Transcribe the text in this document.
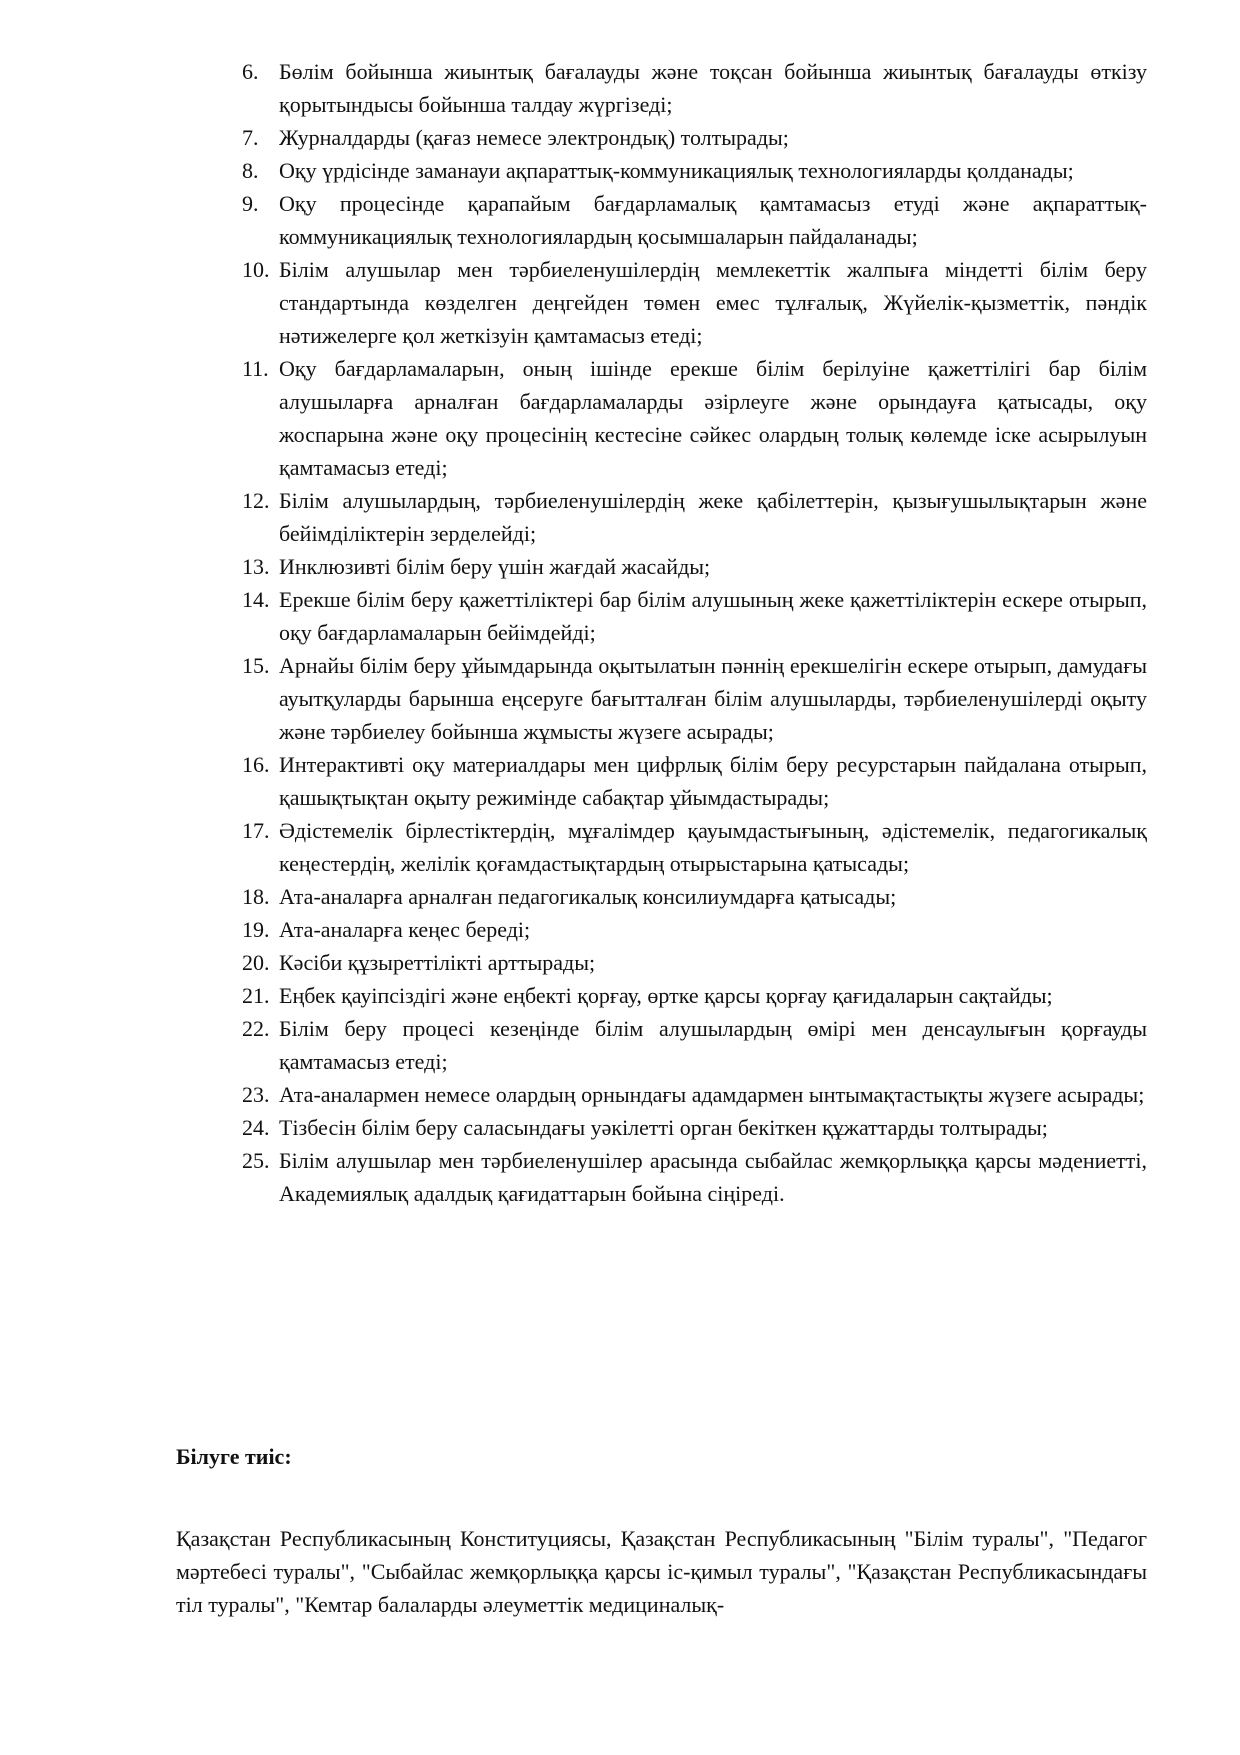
6. Бөлім бойынша жиынтық бағалауды және тоқсан бойынша жиынтық бағалауды өткізу қорытындысы бойынша талдау жүргізеді;
7. Журналдарды (қағаз немесе электрондық) толтырады;
8. Оқу үрдісінде заманауи ақпараттық-коммуникациялық технологияларды қолданады;
9. Оқу процесінде қарапайым бағдарламалық қамтамасыз етуді және ақпараттық-коммуникациялық технологиялардың қосымшаларын пайдаланады;
10. Білім алушылар мен тәрбиеленушілердің мемлекеттік жалпыға міндетті білім беру стандартында көзделген деңгейден төмен емес тұлғалық, Жүйелік-қызметтік, пәндік нәтижелерге қол жеткізуін қамтамасыз етеді;
11. Оқу бағдарламаларын, оның ішінде ерекше білім берілуіне қажеттілігі бар білім алушыларға арналған бағдарламаларды әзірлеуге және орындауға қатысады, оқу жоспарына және оқу процесінің кестесіне сәйкес олардың толық көлемде іске асырылуын қамтамасыз етеді;
12. Білім алушылардың, тәрбиеленушілердің жеке қабілеттерін, қызығушылықтарын және бейімділіктерін зерделейді;
13. Инклюзивті білім беру үшін жағдай жасайды;
14. Ерекше білім беру қажеттіліктері бар білім алушының жеке қажеттіліктерін ескере отырып, оқу бағдарламаларын бейімдейді;
15. Арнайы білім беру ұйымдарында оқытылатын пәннің ерекшелігін ескере отырып, дамудағы ауытқуларды барынша еңсеруге бағытталған білім алушыларды, тәрбиеленушілерді оқыту және тәрбиелеу бойынша жұмысты жүзеге асырады;
16. Интерактивті оқу материалдары мен цифрлық білім беру ресурстарын пайдалана отырып, қашықтықтан оқыту режимінде сабақтар ұйымдастырады;
17. Әдістемелік бірлестіктердің, мұғалімдер қауымдастығының, әдістемелік, педагогикалық кеңестердің, желілік қоғамдастықтардың отырыстарына қатысады;
18. Ата-аналарға арналған педагогикалық консилиумдарға қатысады;
19. Ата-аналарға кеңес береді;
20. Кәсіби құзыреттілікті арттырады;
21. Еңбек қауіпсіздігі және еңбекті қорғау, өртке қарсы қорғау қағидаларын сақтайды;
22. Білім беру процесі кезеңінде білім алушылардың өмірі мен денсаулығын қорғауды қамтамасыз етеді;
23. Ата-аналармен немесе олардың орнындағы адамдармен ынтымақтастықты жүзеге асырады;
24. Тізбесін білім беру саласындағы уәкілетті орган бекіткен құжаттарды толтырады;
25. Білім алушылар мен тәрбиеленушілер арасында сыбайлас жемқорлыққа қарсы мәдениетті, Академиялық адалдық қағидаттарын бойына сіңіреді.

Білуге тиіс:

Қазақстан Республикасының Конституциясы, Қазақстан Республикасының "Білім туралы", "Педагог мәртебесі туралы", "Сыбайлас жемқорлыққа қарсы іс-қимыл туралы", "Қазақстан Республикасындағы тіл туралы", "Кемтар балаларды әлеуметтік медициналық-
